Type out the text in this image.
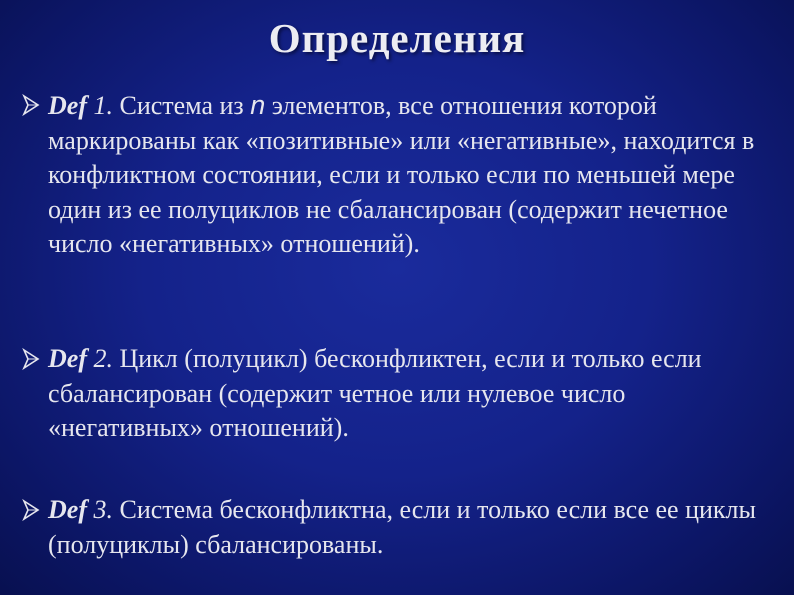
Определения
Def 1. Система из n элементов, все отношения которой маркированы как «позитивные» или «негативные», находится в конфликтном состоянии, если и только если по меньшей мере один из ее полуциклов не сбалансирован (содержит нечетное число «негативных» отношений).
Def 2. Цикл (полуцикл) бесконфликтен, если и только если сбалансирован (содержит четное или нулевое число «негативных» отношений).
Def 3. Система бесконфликтна, если и только если все ее циклы (полуциклы) сбалансированы.
